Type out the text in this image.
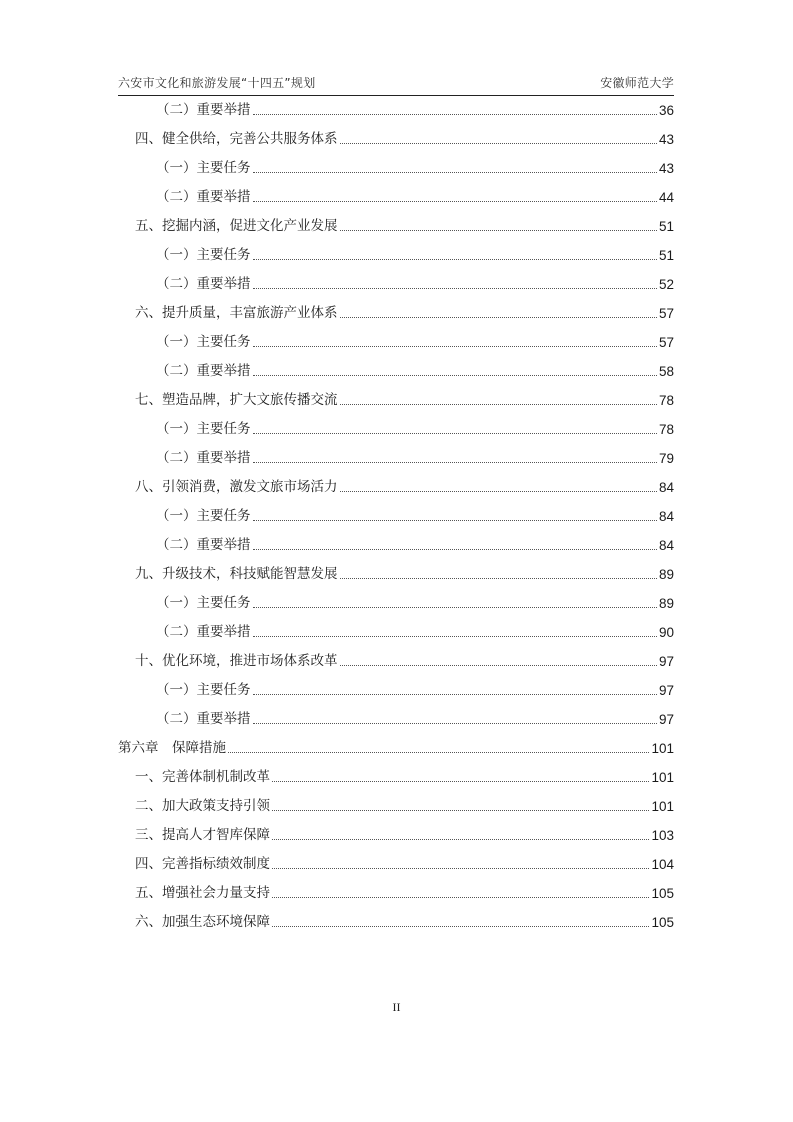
六安市文化和旅游发展“十四五”规划	安徽师范大学
（二）重要举措	36
四、健全供给，完善公共服务体系	43
（一）主要任务	43
（二）重要举措	44
五、挖掘内涵，促进文化产业发展	51
（一）主要任务	51
（二）重要举措	52
六、提升质量，丰富旅游产业体系	57
（一）主要任务	57
（二）重要举措	58
七、塑造品牌，扩大文旅传播交流	78
（一）主要任务	78
（二）重要举措	79
八、引领消费，激发文旅市场活力	84
（一）主要任务	84
（二）重要举措	84
九、升级技术，科技赋能智慧发展	89
（一）主要任务	89
（二）重要举措	90
十、优化环境，推进市场体系改革	97
（一）主要任务	97
（二）重要举措	97
第六章　保障措施	101
一、完善体制机制改革	101
二、加大政策支持引领	101
三、提高人才智库保障	103
四、完善指标绩效制度	104
五、增强社会力量支持	105
六、加强生态环境保障	105
II
